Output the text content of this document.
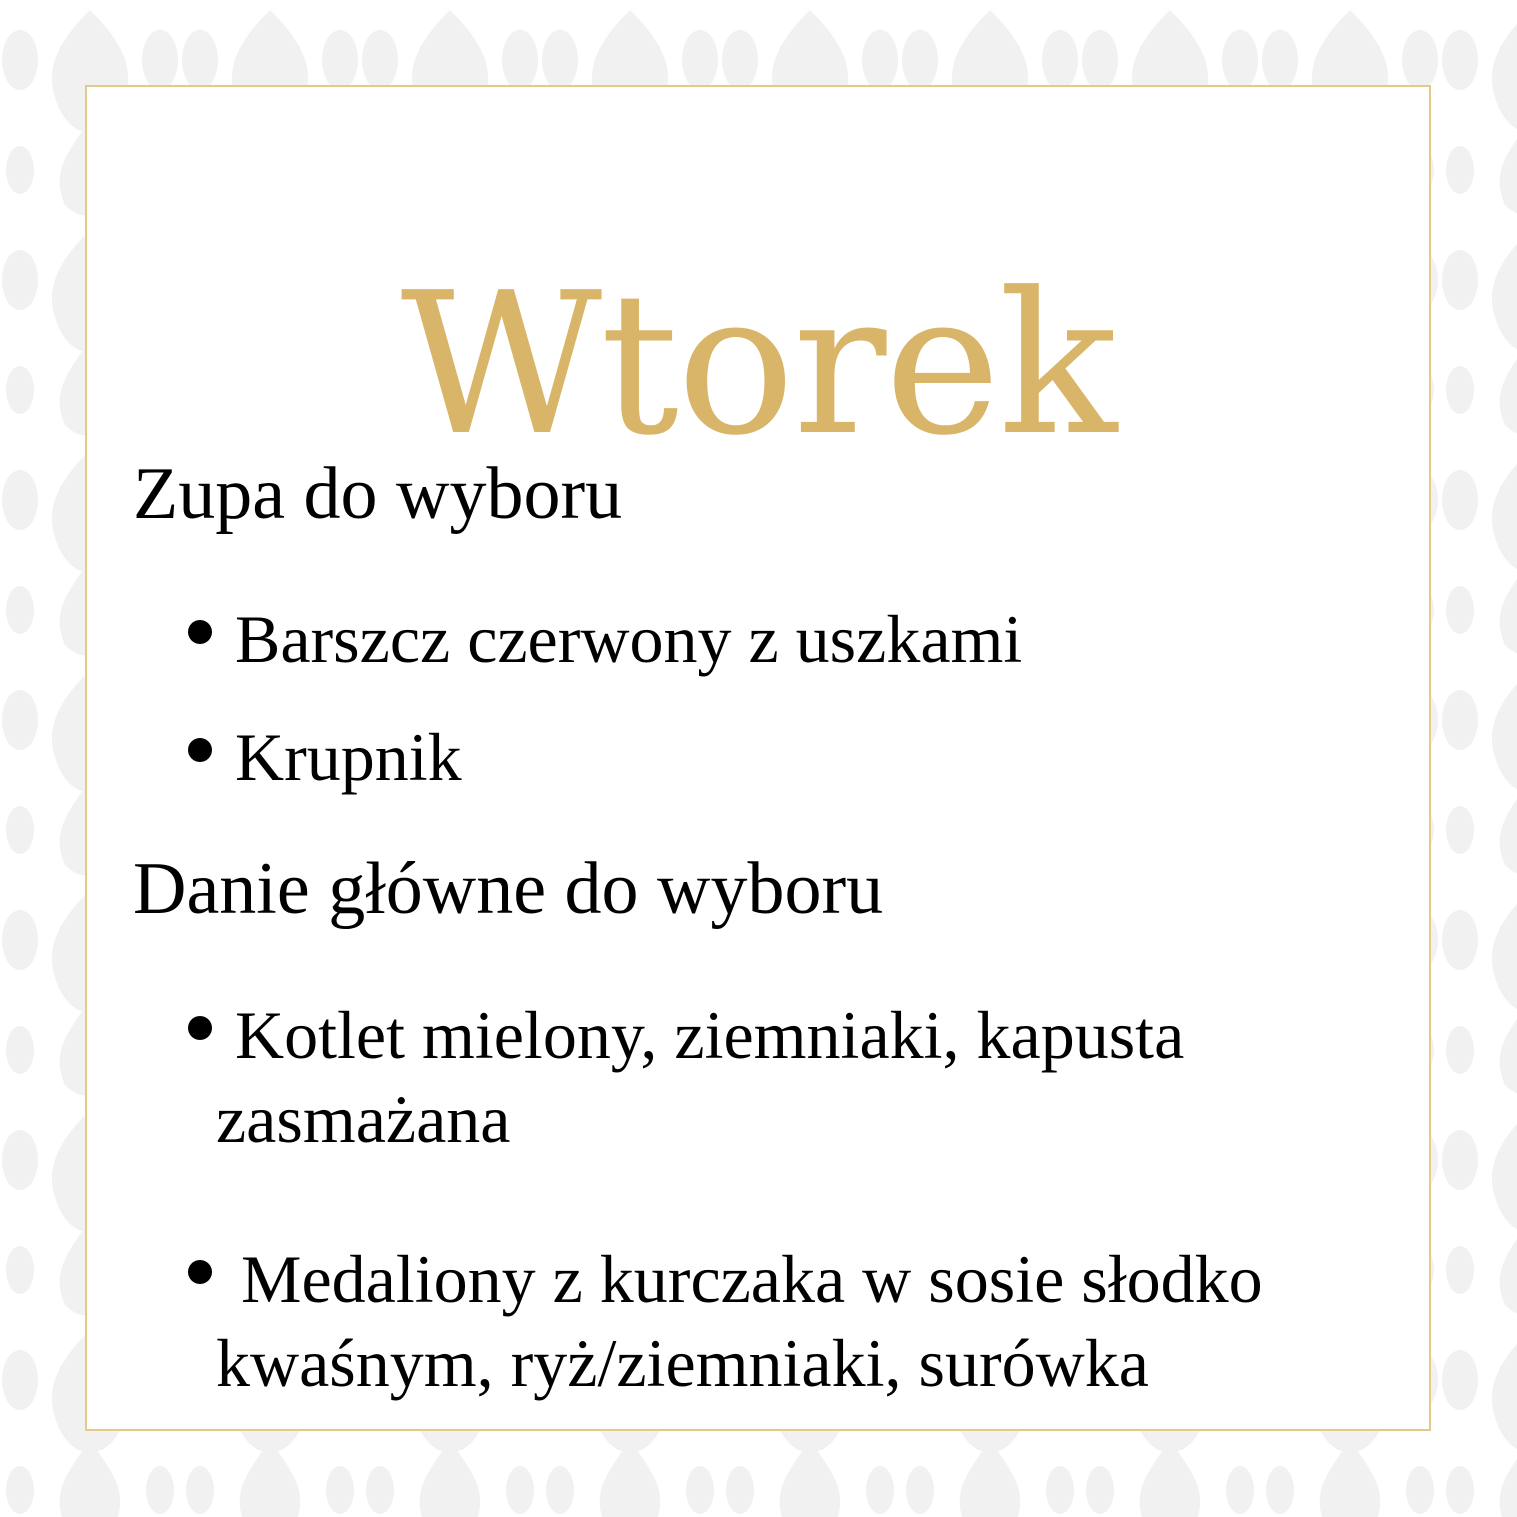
Wtorek
Zupa do wyboru
Barszcz czerwony z uszkami
Krupnik
Danie główne do wyboru
Kotlet mielony, ziemniaki, kapusta
zasmażana
Medaliony z kurczaka w sosie słodko
kwaśnym, ryż/ziemniaki, surówka
